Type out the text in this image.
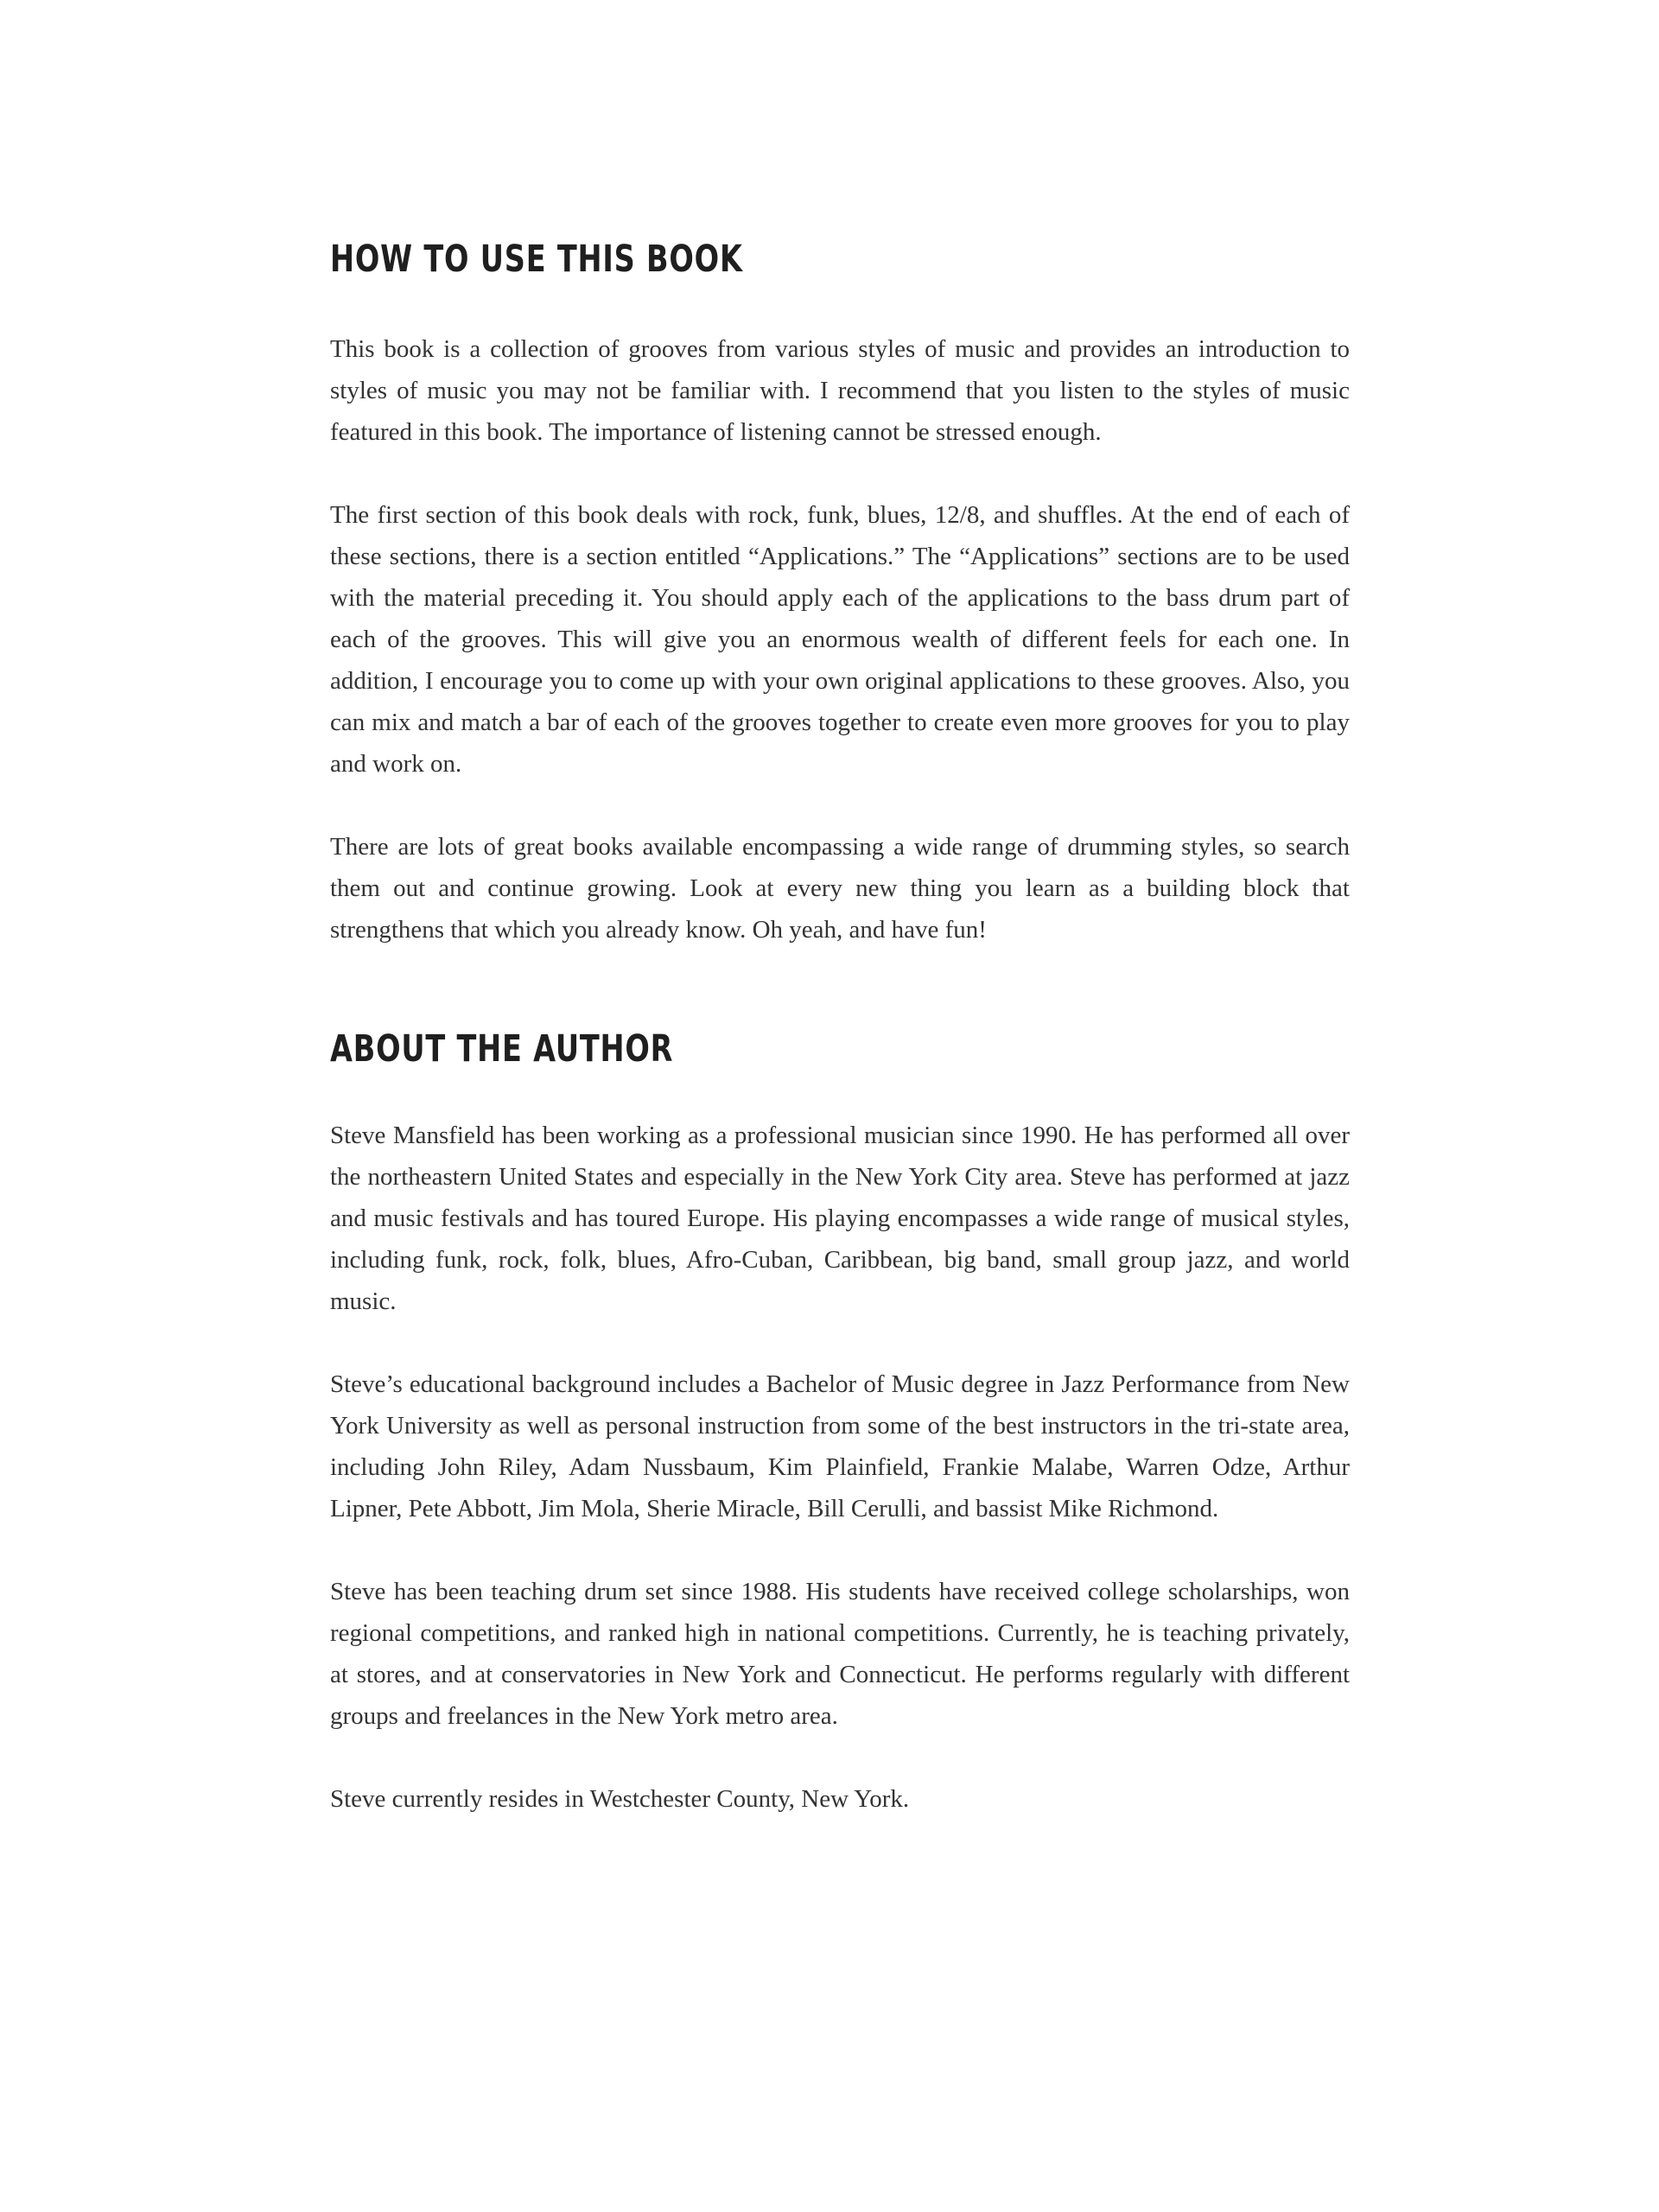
HOW TO USE THIS BOOK

This book is a collection of grooves from various styles of music and provides an introduction to styles of music you may not be familiar with. I recommend that you listen to the styles of music featured in this book. The importance of listening cannot be stressed enough.

The first section of this book deals with rock, funk, blues, 12/8, and shuffles. At the end of each of these sections, there is a section entitled “Applications.” The “Applications” sections are to be used with the material preceding it. You should apply each of the applications to the bass drum part of each of the grooves. This will give you an enormous wealth of different feels for each one. In addition, I encourage you to come up with your own original applications to these grooves. Also, you can mix and match a bar of each of the grooves together to create even more grooves for you to play and work on.

There are lots of great books available encompassing a wide range of drumming styles, so search them out and continue growing. Look at every new thing you learn as a building block that strengthens that which you already know. Oh yeah, and have fun!

ABOUT THE AUTHOR

Steve Mansfield has been working as a professional musician since 1990. He has performed all over the northeastern United States and especially in the New York City area. Steve has performed at jazz and music festivals and has toured Europe. His playing encompasses a wide range of musical styles, including funk, rock, folk, blues, Afro-Cuban, Caribbean, big band, small group jazz, and world music.

Steve’s educational background includes a Bachelor of Music degree in Jazz Performance from New York University as well as personal instruction from some of the best instructors in the tri-state area, including John Riley, Adam Nussbaum, Kim Plainfield, Frankie Malabe, Warren Odze, Arthur Lipner, Pete Abbott, Jim Mola, Sherie Miracle, Bill Cerulli, and bassist Mike Richmond.

Steve has been teaching drum set since 1988. His students have received college scholarships, won regional competitions, and ranked high in national competitions. Currently, he is teaching privately, at stores, and at conservatories in New York and Connecticut. He performs regularly with different groups and freelances in the New York metro area.

Steve currently resides in Westchester County, New York.
